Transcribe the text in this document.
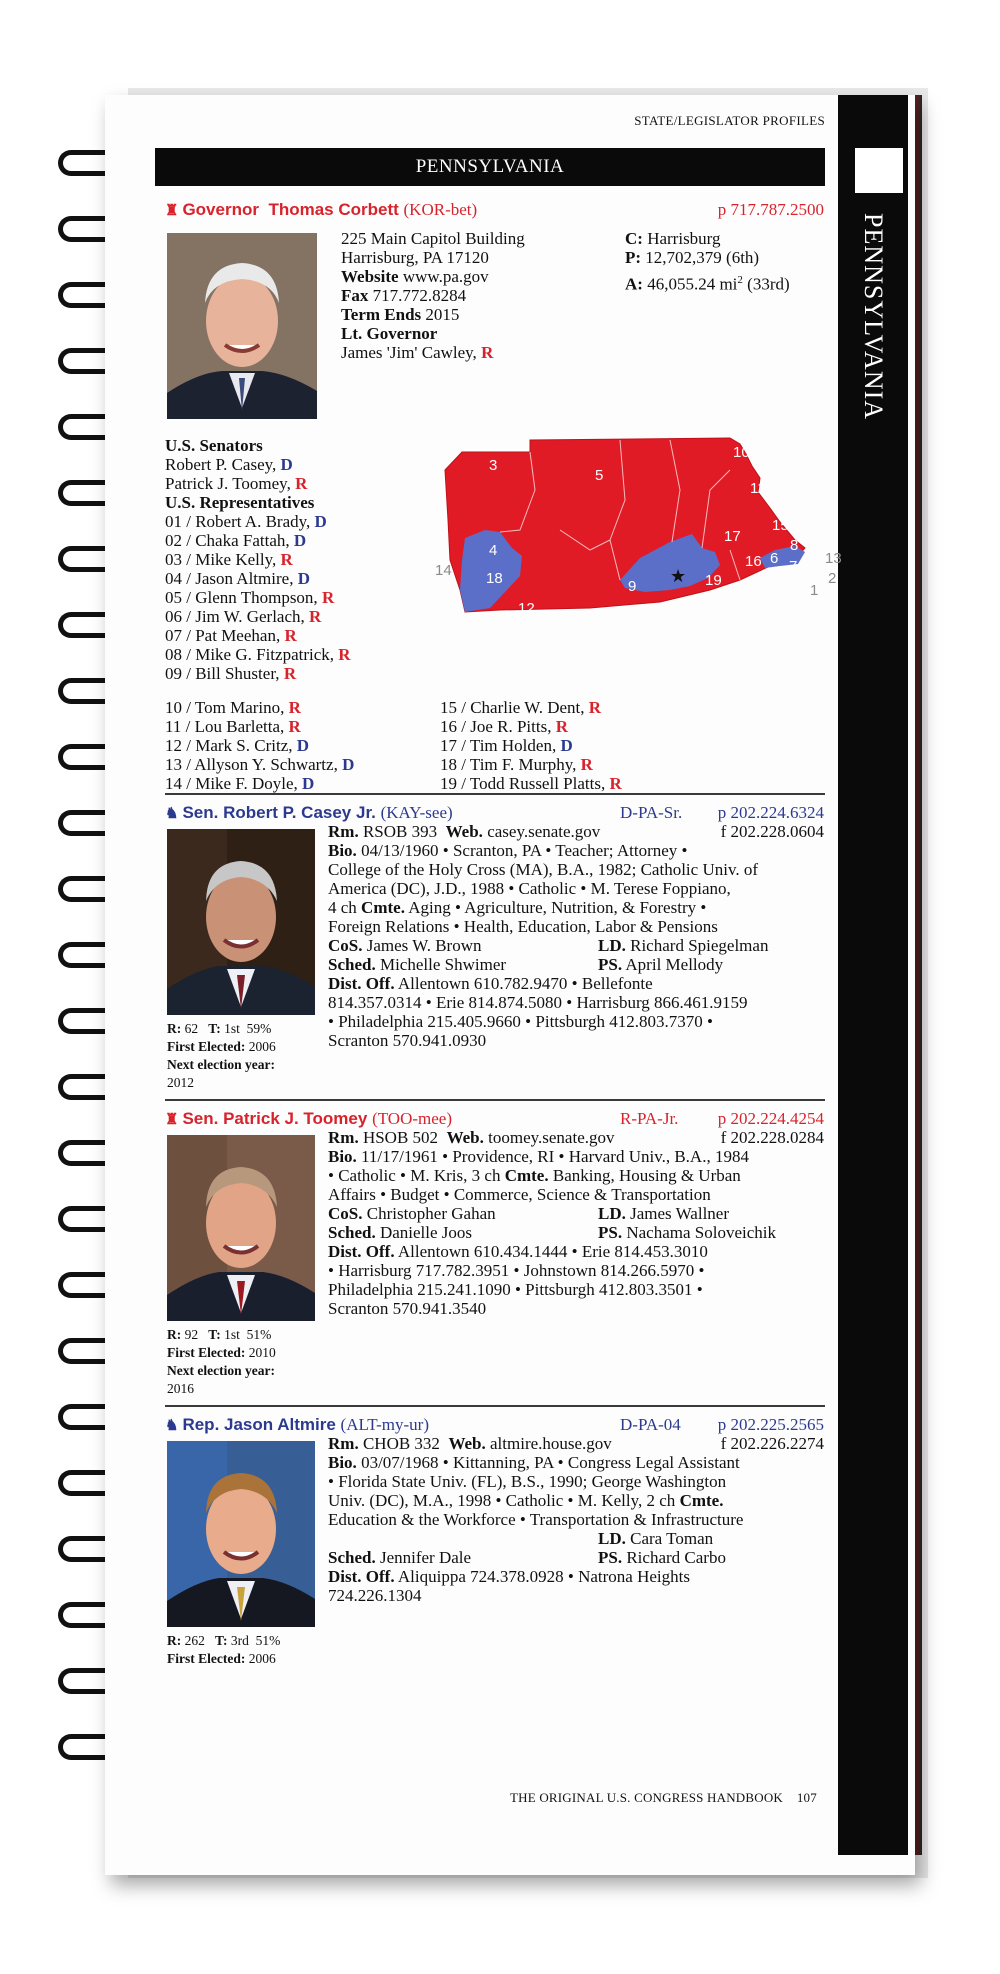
PENNSYLVANIA
STATE/LEGISLATOR PROFILES
PENNSYLVANIA
♜ Governor Thomas Corbett (KOR-bet)	p 717.787.2500
225 Main Capitol Building
Harrisburg, PA 17120
Website www.pa.gov
Fax 717.772.8284
Term Ends 2015
Lt. Governor
James 'Jim' Cawley, R
C: Harrisburg
P: 12,702,379 (6th)
A: 46,055.24 $mi^2$ (33rd)
U.S. Senators
Robert P. Casey, D
Patrick J. Toomey, R
U.S. Representatives
01 / Robert A. Brady, D
02 / Chaka Fattah, D
03 / Mike Kelly, R
04 / Jason Altmire, D
05 / Glenn Thompson, R
06 / Jim W. Gerlach, R
07 / Pat Meehan, R
08 / Mike G. Fitzpatrick, R
09 / Bill Shuster, R
10 / Tom Marino, R
11 / Lou Barletta, R
12 / Mark S. Critz, D
13 / Allyson Y. Schwartz, D
14 / Mike F. Doyle, D
15 / Charlie W. Dent, R
16 / Joe R. Pitts, R
17 / Tim Holden, D
18 / Tim F. Murphy, R
19 / Todd Russell Platts, R
★
3
5
10
11
4
17
15
8
14 18
12
9	19
16 6 7 13
2
1
♞ Sen. Robert P. Casey Jr. (KAY-see)	D-PA-Sr.	p 202.224.6324
Rm. RSOB 393 Web. casey.senate.gov	f 202.228.0604
Bio. 04/13/1960 • Scranton, PA • Teacher; Attorney •
College of the Holy Cross (MA), B.A., 1982; Catholic Univ. of
America (DC), J.D., 1988 • Catholic • M. Terese Foppiano,
4 ch Cmte. Aging • Agriculture, Nutrition, & Forestry •
Foreign Relations • Health, Education, Labor & Pensions
CoS. James W. Brown	LD. Richard Spiegelman
Sched. Michelle Shwimer	PS. April Mellody
Dist. Off. Allentown 610.782.9470 • Bellefonte
814.357.0314 • Erie 814.874.5080 • Harrisburg 866.461.9159
• Philadelphia 215.405.9660 • Pittsburgh 412.803.7370 •
Scranton 570.941.0930
R: 62 T: 1st 59%
First Elected: 2006
Next election year:
2012
♜ Sen. Patrick J. Toomey (TOO-mee)	R-PA-Jr.	p 202.224.4254
Rm. HSOB 502 Web. toomey.senate.gov	f 202.228.0284
Bio. 11/17/1961 • Providence, RI • Harvard Univ., B.A., 1984
• Catholic • M. Kris, 3 ch Cmte. Banking, Housing & Urban
Affairs • Budget • Commerce, Science & Transportation
CoS. Christopher Gahan	LD. James Wallner
Sched. Danielle Joos	PS. Nachama Soloveichik
Dist. Off. Allentown 610.434.1444 • Erie 814.453.3010
• Harrisburg 717.782.3951 • Johnstown 814.266.5970 •
Philadelphia 215.241.1090 • Pittsburgh 412.803.3501 •
Scranton 570.941.3540
R: 92 T: 1st 51%
First Elected: 2010
Next election year:
2016
♞ Rep. Jason Altmire (ALT-my-ur)	D-PA-04	p 202.225.2565
Rm. CHOB 332 Web. altmire.house.gov	f 202.226.2274
Bio. 03/07/1968 • Kittanning, PA • Congress Legal Assistant
• Florida State Univ. (FL), B.S., 1990; George Washington
Univ. (DC), M.A., 1998 • Catholic • M. Kelly, 2 ch Cmte.
Education & the Workforce • Transportation & Infrastructure
LD. Cara Toman
Sched. Jennifer Dale	PS. Richard Carbo
Dist. Off. Aliquippa 724.378.0928 • Natrona Heights
724.226.1304
R: 262 T: 3rd 51%
First Elected: 2006
THE ORIGINAL U.S. CONGRESS HANDBOOK 107
